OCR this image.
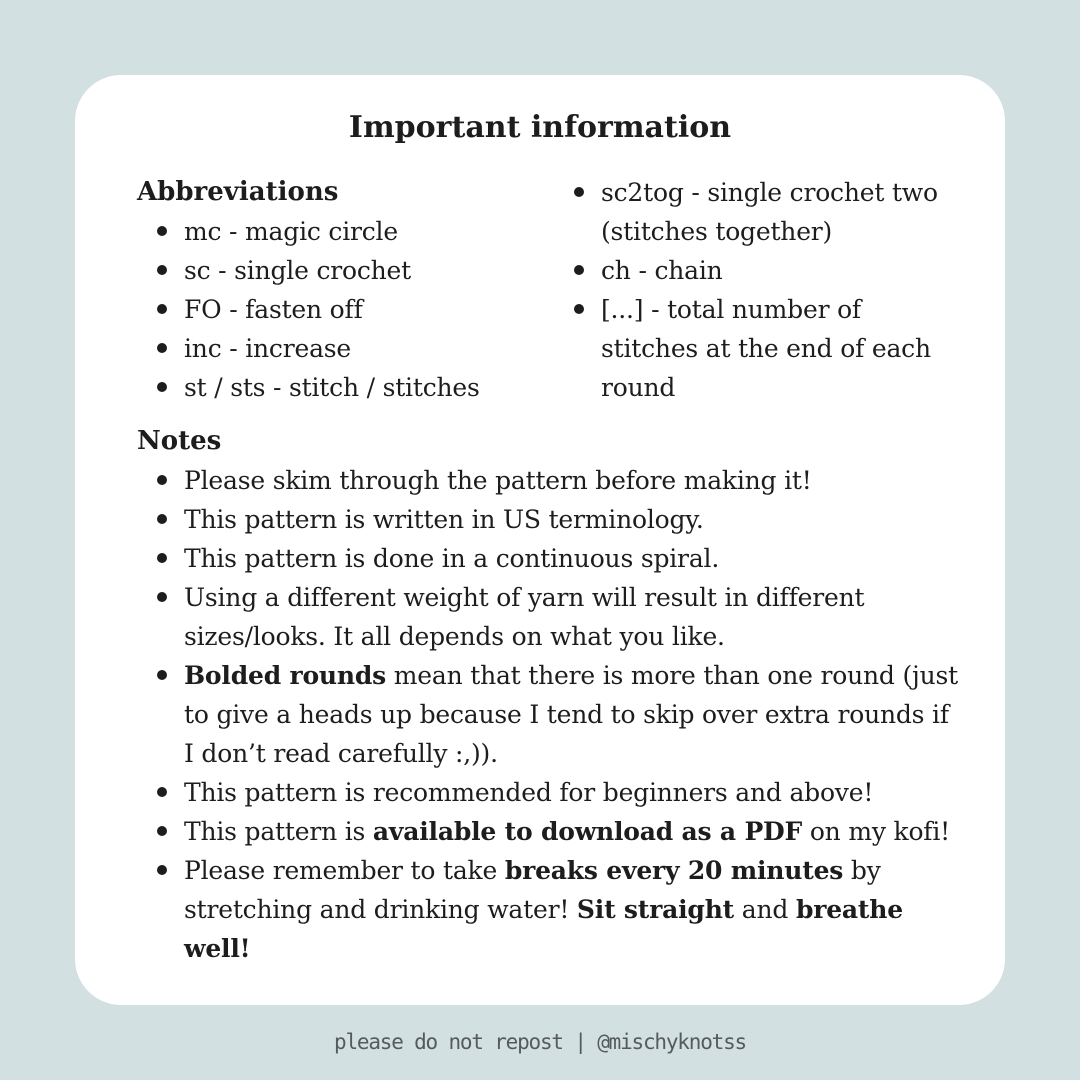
Important information
Abbreviations
mc - magic circle
sc - single crochet
FO - fasten off
inc - increase
st / sts - stitch / stitches
sc2tog - single crochet two (stitches together)
ch - chain
[...] - total number of stitches at the end of each round
Notes
Please skim through the pattern before making it!
This pattern is written in US terminology.
This pattern is done in a continuous spiral.
Using a different weight of yarn will result in different sizes/looks. It all depends on what you like.
Bolded rounds mean that there is more than one round (just to give a heads up because I tend to skip over extra rounds if I don’t read carefully :,)).
This pattern is recommended for beginners and above!
This pattern is available to download as a PDF on my kofi!
Please remember to take breaks every 20 minutes by stretching and drinking water! Sit straight and breathe well!
please do not repost | @mischyknotss
